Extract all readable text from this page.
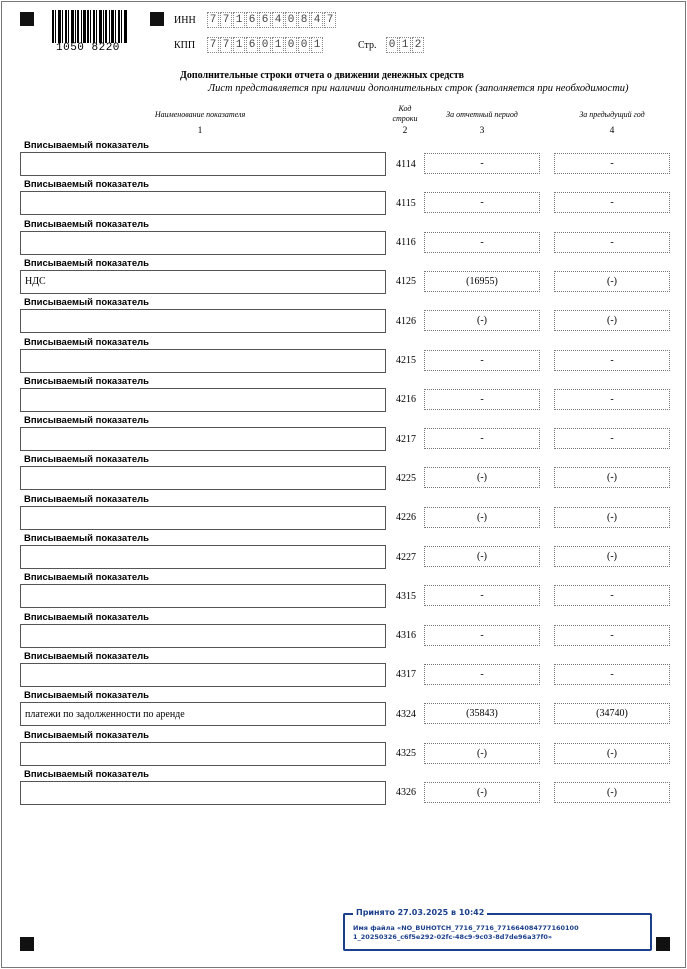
1050 8220
ИНН 7 7 1 6 6 4 0 8 4 7
КПП 7 7 1 6 0 1 0 0 1	Стр. 0 1 2
Дополнительные строки отчета о движении денежных средств
Лист представляется при наличии дополнительных строк (заполняется при необходимости)
Наименование показателя
Код
строки	За отчетный период	За предыдущий год
1	2	3	4
Вписываемый показатель
4114	-	-
Вписываемый показатель
4115	-	-
Вписываемый показатель
4116	-	-
Вписываемый показатель
НДС	4125	(16955)	(-)
Вписываемый показатель
4126	(-)	(-)
Вписываемый показатель
4215	-	-
Вписываемый показатель
4216	-	-
Вписываемый показатель
4217	-	-
Вписываемый показатель
4225	(-)	(-)
Вписываемый показатель
4226	(-)	(-)
Вписываемый показатель
4227	(-)	(-)
Вписываемый показатель
4315	-	-
Вписываемый показатель
4316	-	-
Вписываемый показатель
4317	-	-
Вписываемый показатель
платежи по задолженности по аренде	4324	(35843)	(34740)
Вписываемый показатель
4325	(-)	(-)
Вписываемый показатель
4326	(-)	(-)
Принято 27.03.2025 в 10:42
Имя файла «NO_BUHOTCH_7716_7716_771664084777160100​1_20250326_c6f5e292-02fc-48c9-9c03-8d7de96a37f0»
